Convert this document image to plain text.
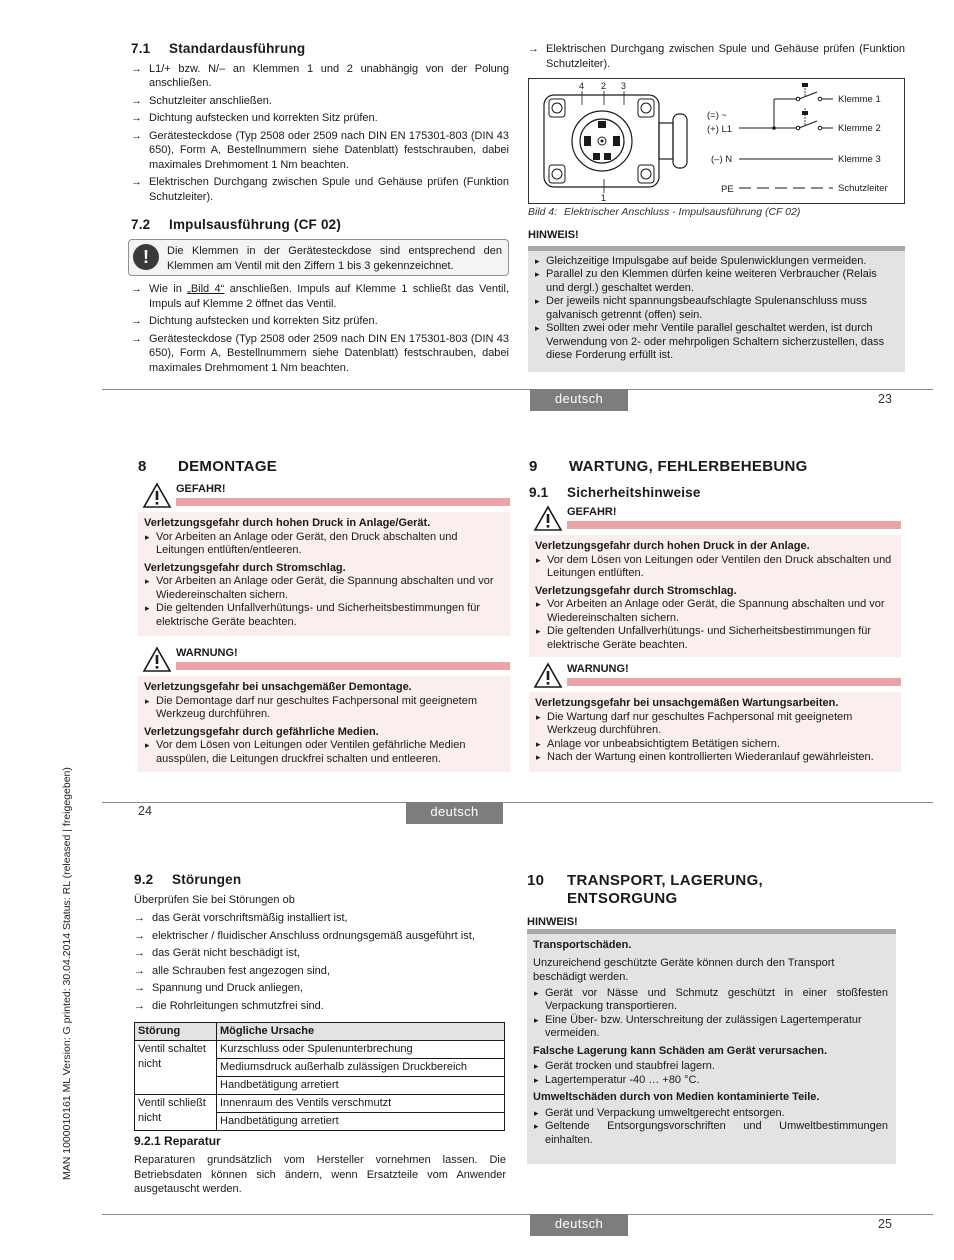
MAN 1000010161 ML Version: G printed: 30.04.2014 Status: RL (released | freigegeben)
7.1 Standardausführung
→ L1/+ bzw. N/– an Klemmen 1 und 2 unabhängig von der Polung anschließen.
→ Schutzleiter anschließen.
→ Dichtung aufstecken und korrekten Sitz prüfen.
→ Gerätesteckdose (Typ 2508 oder 2509 nach DIN EN 175301-803 (DIN 43 650), Form A, Bestellnummern siehe Datenblatt) festschrauben, dabei maximales Drehmoment 1 Nm beachten.
→ Elektrischen Durchgang zwischen Spule und Gehäuse prüfen (Funktion Schutzleiter).
7.2 Impulsausführung (CF 02)
!	Die Klemmen in der Gerätesteckdose sind entsprechend den Klemmen am Ventil mit den Ziffern 1 bis 3 gekennzeichnet.
→ Wie in „Bild 4“ anschließen. Impuls auf Klemme 1 schließt das Ventil, Impuls auf Klemme 2 öffnet das Ventil.
→ Dichtung aufstecken und korrekten Sitz prüfen.
→ Gerätesteckdose (Typ 2508 oder 2509 nach DIN EN 175301-803 (DIN 43 650), Form A, Bestellnummern siehe Datenblatt) festschrauben, dabei maximales Drehmoment 1 Nm beachten.
→ Elektrischen Durchgang zwischen Spule und Gehäuse prüfen (Funktion Schutzleiter).
4 2 3
1
(=) ~
(+) L1
(–) N
PE
Klemme 1
Klemme 2
Klemme 3
Schutzleiter
Bild 4: Elektrischer Anschluss - Impulsausführung (CF 02)
HINWEIS!
▸ Gleichzeitige Impulsgabe auf beide Spulenwicklungen vermeiden.
▸ Parallel zu den Klemmen dürfen keine weiteren Verbraucher (Relais und dergl.) geschaltet werden.
▸ Der jeweils nicht spannungsbeaufschlagte Spulenanschluss muss galvanisch getrennt (offen) sein.
▸ Sollten zwei oder mehr Ventile parallel geschaltet werden, ist durch Verwendung von 2- oder mehrpoligen Schaltern sicherzustellen, dass diese Forderung erfüllt ist.
deutsch	23
8 DEMONTAGE
GEFAHR!
Verletzungsgefahr durch hohen Druck in Anlage/Gerät.
▸ Vor Arbeiten an Anlage oder Gerät, den Druck abschalten und Leitungen entlüften/entleeren.
Verletzungsgefahr durch Stromschlag.
▸ Vor Arbeiten an Anlage oder Gerät, die Spannung abschalten und vor Wiedereinschalten sichern.
▸ Die geltenden Unfallverhütungs- und Sicherheitsbestimmungen für elektrische Geräte beachten.
WARNUNG!
Verletzungsgefahr bei unsachgemäßer Demontage.
▸ Die Demontage darf nur geschultes Fachpersonal mit geeignetem Werkzeug durchführen.
Verletzungsgefahr durch gefährliche Medien.
▸ Vor dem Lösen von Leitungen oder Ventilen gefährliche Medien ausspülen, die Leitungen druckfrei schalten und entleeren.
9 WARTUNG, FEHLERBEHEBUNG
9.1 Sicherheitshinweise
GEFAHR!
Verletzungsgefahr durch hohen Druck in der Anlage.
▸ Vor dem Lösen von Leitungen oder Ventilen den Druck abschalten und Leitungen entlüften.
Verletzungsgefahr durch Stromschlag.
▸ Vor Arbeiten an Anlage oder Gerät, die Spannung abschalten und vor Wiedereinschalten sichern.
▸ Die geltenden Unfallverhütungs- und Sicherheitsbestimmungen für elektrische Geräte beachten.
WARNUNG!
Verletzungsgefahr bei unsachgemäßen Wartungsarbeiten.
▸ Die Wartung darf nur geschultes Fachpersonal mit geeignetem Werkzeug durchführen.
▸ Anlage vor unbeabsichtigtem Betätigen sichern.
▸ Nach der Wartung einen kontrollierten Wiederanlauf gewährleisten.
24	deutsch
9.2 Störungen
Überprüfen Sie bei Störungen ob
→ das Gerät vorschriftsmäßig installiert ist,
→ elektrischer / fluidischer Anschluss ordnungsgemäß ausgeführt ist,
→ das Gerät nicht beschädigt ist,
→ alle Schrauben fest angezogen sind,
→ Spannung und Druck anliegen,
→ die Rohrleitungen schmutzfrei sind.
Störung	Mögliche Ursache
Ventil schaltet nicht	Kurzschluss oder Spulenunterbrechung
	Mediumsdruck außerhalb zulässigen Druckbereich
	Handbetätigung arretiert
Ventil schließt nicht	Innenraum des Ventils verschmutzt
	Handbetätigung arretiert
9.2.1 Reparatur
Reparaturen grundsätzlich vom Hersteller vornehmen lassen. Die Betriebsdaten können sich ändern, wenn Ersatzteile vom Anwender ausgetauscht werden.
10 TRANSPORT, LAGERUNG,
ENTSORGUNG
HINWEIS!
Transportschäden.
Unzureichend geschützte Geräte können durch den Transport beschädigt werden.
▸ Gerät vor Nässe und Schmutz geschützt in einer stoßfesten Verpackung transportieren.
▸ Eine Über- bzw. Unterschreitung der zulässigen Lagertemperatur vermeiden.
Falsche Lagerung kann Schäden am Gerät verursachen.
▸ Gerät trocken und staubfrei lagern.
▸ Lagertemperatur -40 … +80 °C.
Umweltschäden durch von Medien kontaminierte Teile.
▸ Gerät und Verpackung umweltgerecht entsorgen.
▸ Geltende Entsorgungsvorschriften und Umweltbestimmungen einhalten.
deutsch	25
